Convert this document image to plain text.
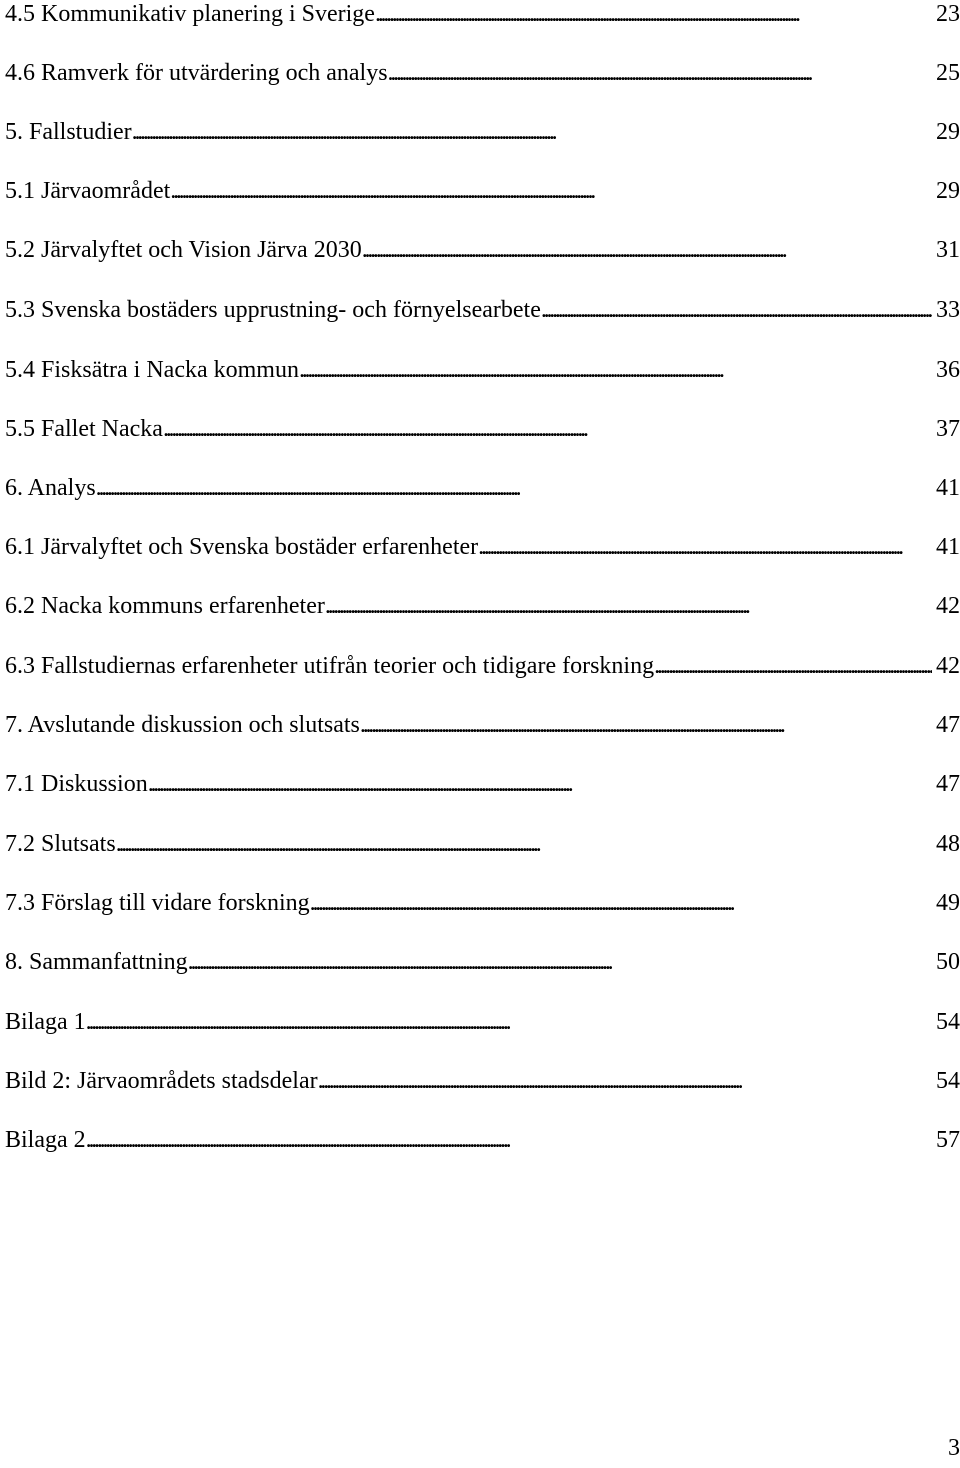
4.5 Kommunikativ planering i Sverige . . .	23
4.6 Ramverk för utvärdering och analys . . .	25
5. Fallstudier . . .	29
5.1 Järvaområdet . . .	29
5.2 Järvalyftet och Vision Järva 2030 . . .	31
5.3 Svenska bostäders upprustning- och förnyelsearbete . . .	33
5.4 Fisksätra i Nacka kommun . . .	36
5.5 Fallet Nacka . . .	37
6. Analys . . .	41
6.1 Järvalyftet och Svenska bostäder erfarenheter . . .	41
6.2 Nacka kommuns erfarenheter . . .	42
6.3 Fallstudiernas erfarenheter utifrån teorier och tidigare forskning . . .	42
7. Avslutande diskussion och slutsats . . .	47
7.1 Diskussion . . .	47
7.2 Slutsats . . .	48
7.3 Förslag till vidare forskning . . .	49
8. Sammanfattning . . .	50
Bilaga 1 . . .	54
Bild 2: Järvaområdets stadsdelar . . .	54
Bilaga 2 . . .	57
3
